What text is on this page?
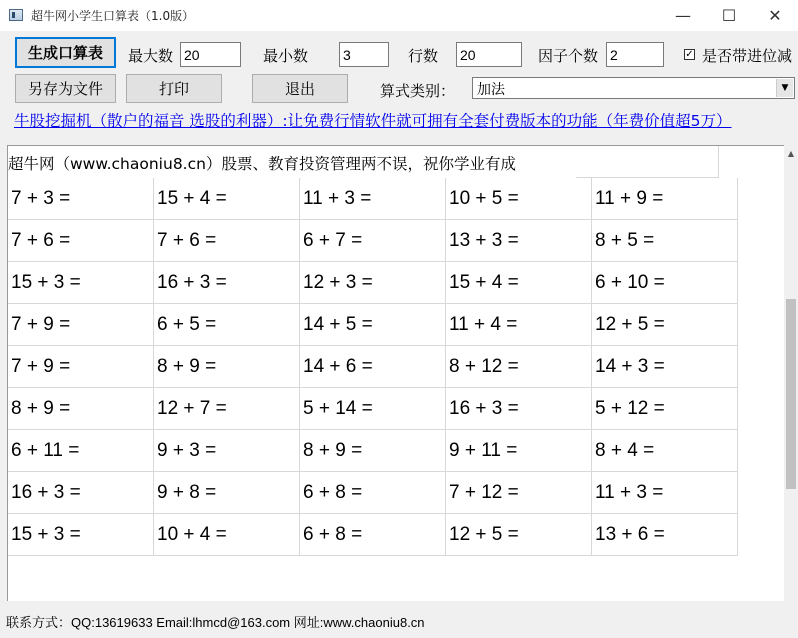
超牛网小学生口算表（1.0版）	—	☐	✕
生成口算表	最大数
20	最小数
3	行数
20	因子个数
2	✓ 是否带进位减
另存为文件	打印	退出	算式类别：	加法	▼
牛股挖掘机（散户的福音 选股的利器）:让免费行情软件就可拥有全套付费版本的功能（年费价值超5万）
超牛网（www.chaoniu8.cn）股票、教育投资管理两不误，祝你学业有成
7 + 3 =	15 + 4 =	11 + 3 =	10 + 5 =	11 + 9 =
7 + 6 =	7 + 6 =	6 + 7 =	13 + 3 =	8 + 5 =
15 + 3 =	16 + 3 =	12 + 3 =	15 + 4 =	6 + 10 =
7 + 9 =	6 + 5 =	14 + 5 =	11 + 4 =	12 + 5 =
7 + 9 =	8 + 9 =	14 + 6 =	8 + 12 =	14 + 3 =
8 + 9 =	12 + 7 =	5 + 14 =	16 + 3 =	5 + 12 =
6 + 11 =	9 + 3 =	8 + 9 =	9 + 11 =	8 + 4 =
16 + 3 =	9 + 8 =	6 + 8 =	7 + 12 =	11 + 3 =
15 + 3 =	10 + 4 =	6 + 8 =	12 + 5 =	13 + 6 =
▲
联系方式：QQ:13619633 Email:lhmcd@163.com 网址:www.chaoniu8.cn
